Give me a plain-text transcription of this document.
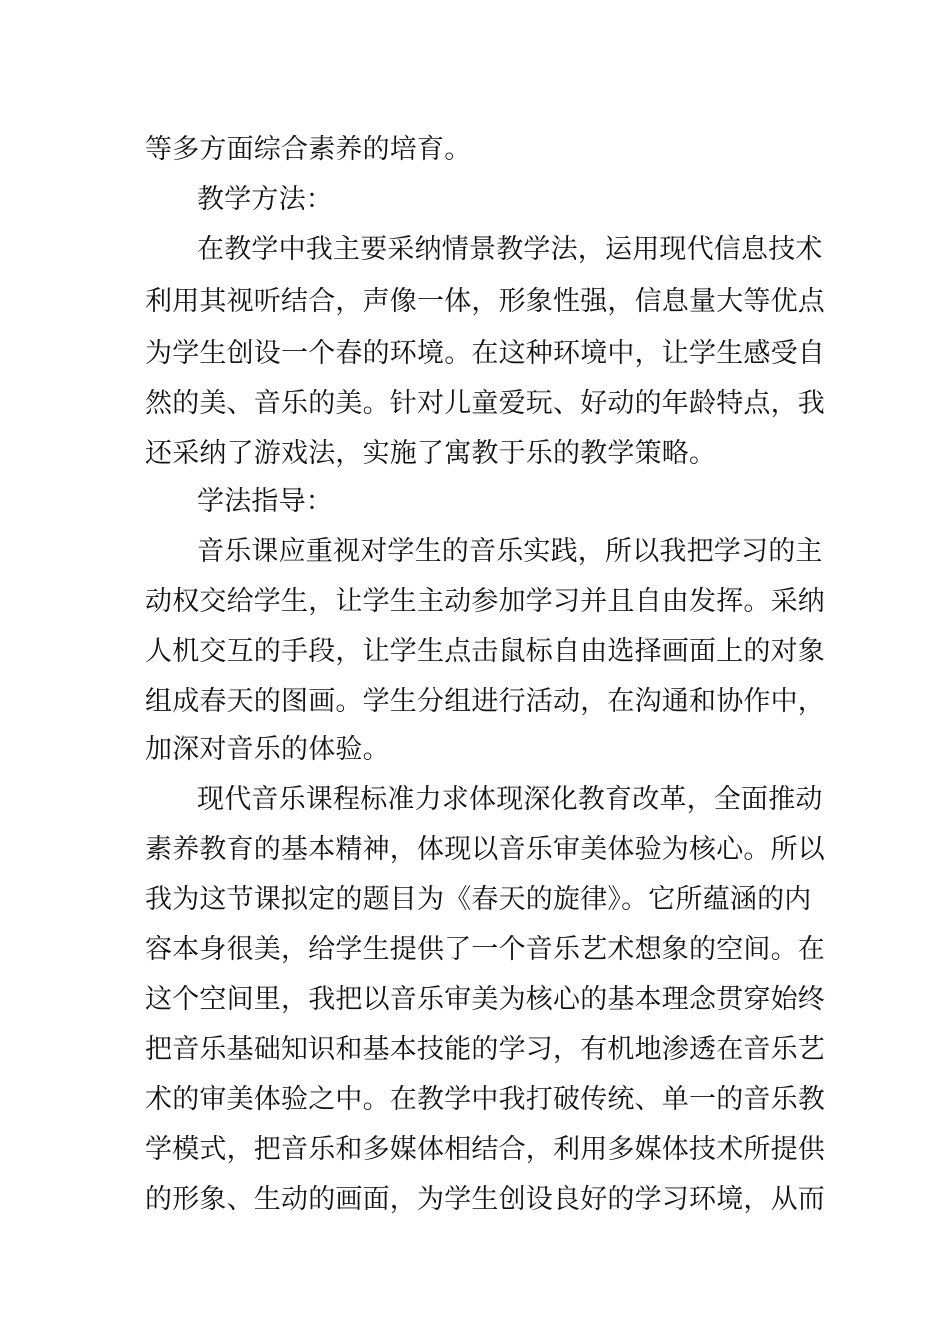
等多方面综合素养的培育。
教学方法：
在教学中我主要采纳情景教学法，运用现代信息技术
利用其视听结合，声像一体，形象性强，信息量大等优点
为学生创设一个春的环境。在这种环境中，让学生感受自
然的美、音乐的美。针对儿童爱玩、好动的年龄特点，我
还采纳了游戏法，实施了寓教于乐的教学策略。
学法指导：
音乐课应重视对学生的音乐实践，所以我把学习的主
动权交给学生，让学生主动参加学习并且自由发挥。采纳
人机交互的手段，让学生点击鼠标自由选择画面上的对象
组成春天的图画。学生分组进行活动，在沟通和协作中，
加深对音乐的体验。
现代音乐课程标准力求体现深化教育改革，全面推动
素养教育的基本精神，体现以音乐审美体验为核心。所以
我为这节课拟定的题目为《春天的旋律》。它所蕴涵的内
容本身很美，给学生提供了一个音乐艺术想象的空间。在
这个空间里，我把以音乐审美为核心的基本理念贯穿始终
把音乐基础知识和基本技能的学习，有机地渗透在音乐艺
术的审美体验之中。在教学中我打破传统、单一的音乐教
学模式，把音乐和多媒体相结合，利用多媒体技术所提供
的形象、生动的画面，为学生创设良好的学习环境，从而
